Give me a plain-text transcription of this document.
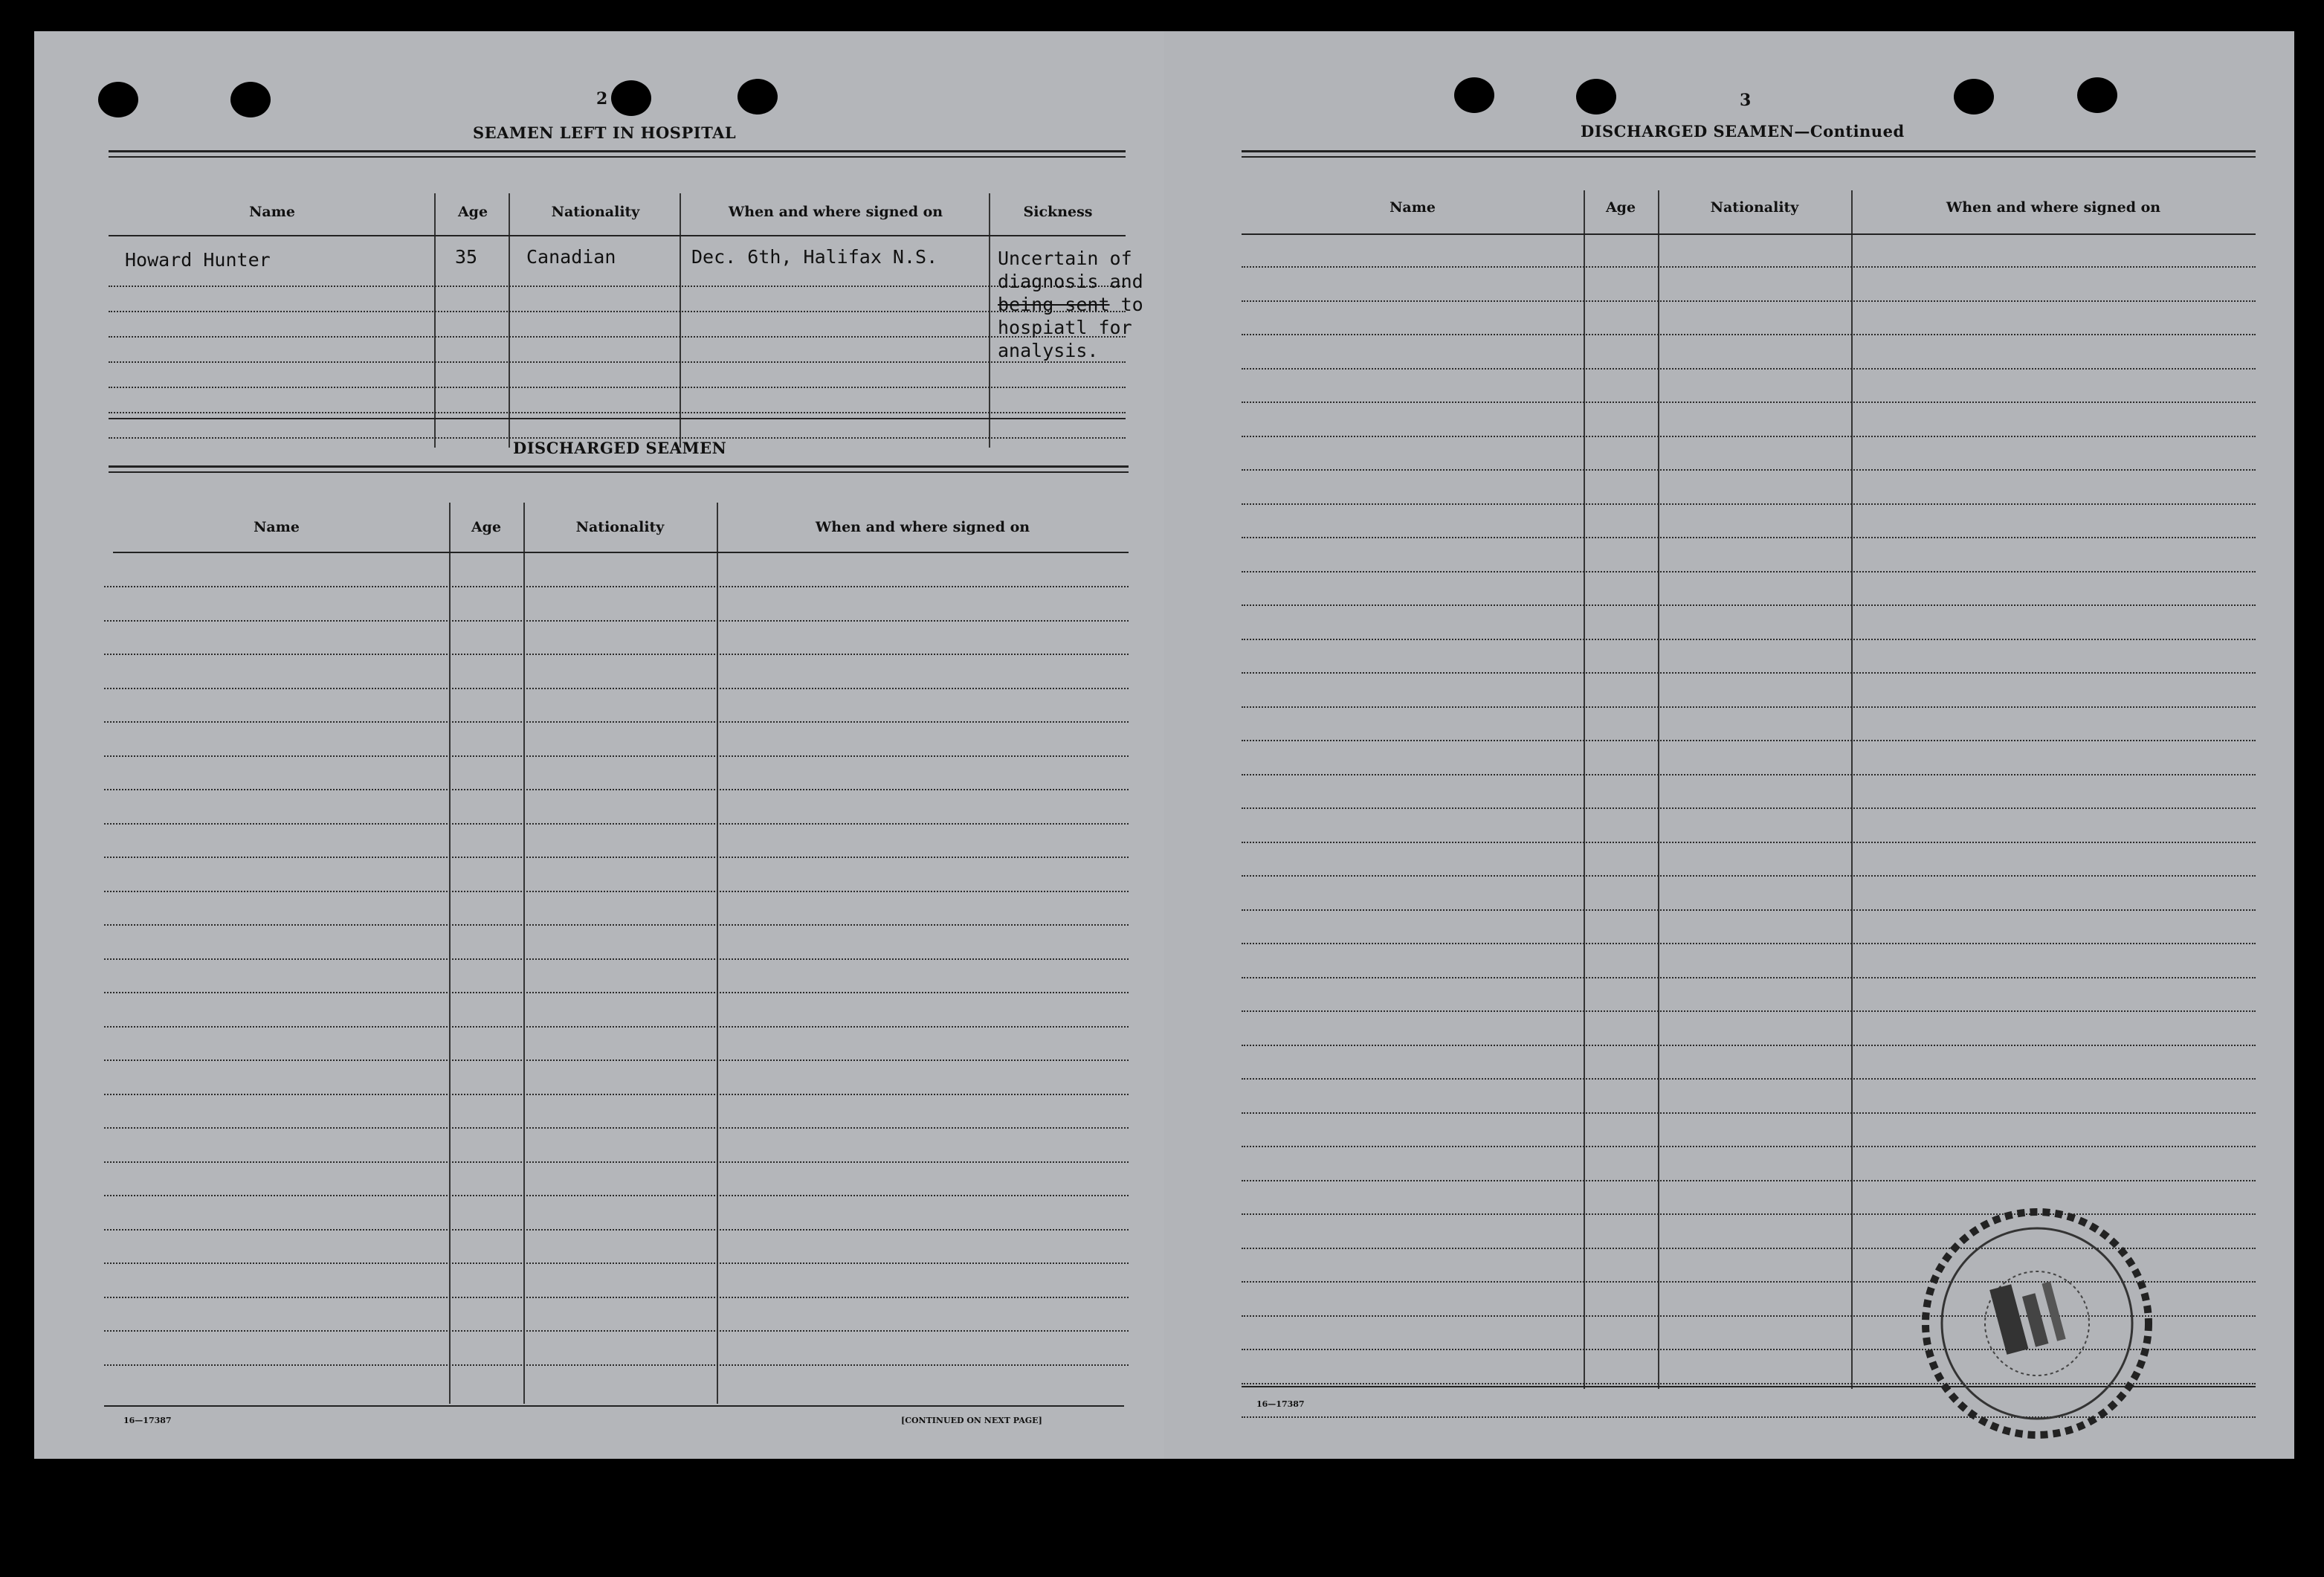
2
SEAMEN LEFT IN HOSPITAL
Name	Age	Nationality	When and where signed on	Sickness
Howard Hunter	35	Canadian	Dec. 6th, Halifax N.S.	Uncertain of
diagnosis and
being sent to
hospiatl for
analysis.
DISCHARGED SEAMEN
Name	Age	Nationality	When and where signed on
16—17387	[CONTINUED ON NEXT PAGE]
3
DISCHARGED SEAMEN—Continued
Name	Age	Nationality	When and where signed on
16—17387
